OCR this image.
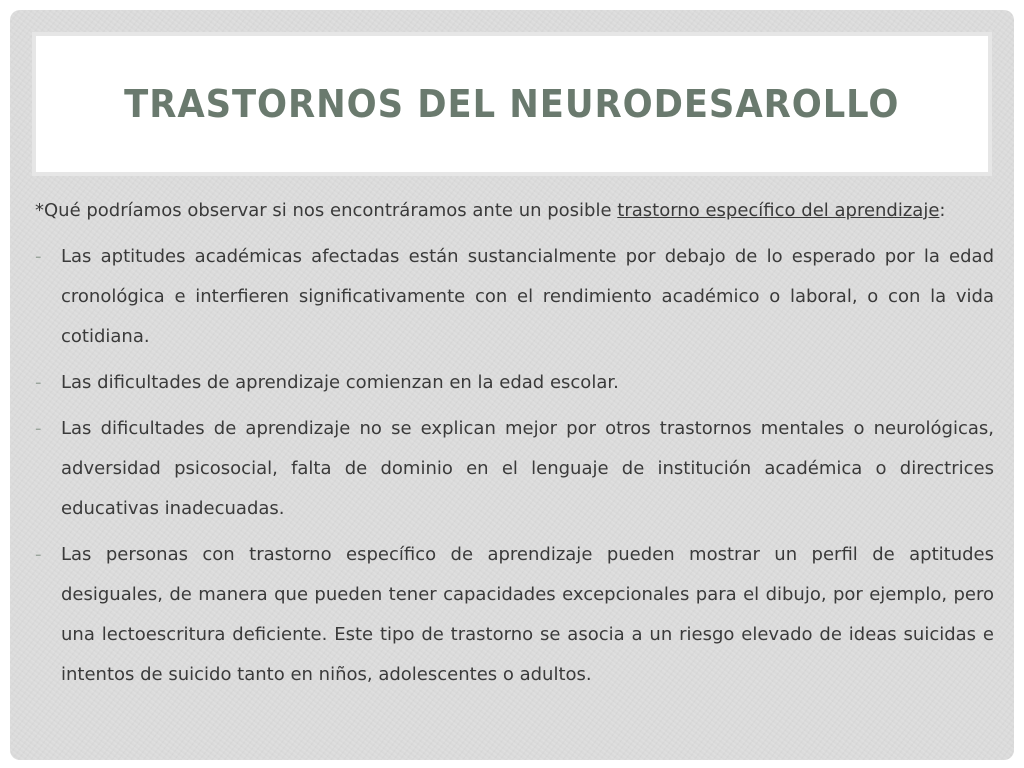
TRASTORNOS DEL NEURODESAROLLO

*Qué podríamos observar si nos encontráramos ante un posible trastorno específico del aprendizaje:

- Las aptitudes académicas afectadas están sustancialmente por debajo de lo esperado por la edad cronológica e interfieren significativamente con el rendimiento académico o laboral, o con la vida cotidiana.
- Las dificultades de aprendizaje comienzan en la edad escolar.
- Las dificultades de aprendizaje no se explican mejor por otros trastornos mentales o neurológicas, adversidad psicosocial, falta de dominio en el lenguaje de institución académica o directrices educativas inadecuadas.
- Las personas con trastorno específico de aprendizaje pueden mostrar un perfil de aptitudes desiguales, de manera que pueden tener capacidades excepcionales para el dibujo, por ejemplo, pero una lectoescritura deficiente. Este tipo de trastorno se asocia a un riesgo elevado de ideas suicidas e intentos de suicido tanto en niños, adolescentes o adultos.
